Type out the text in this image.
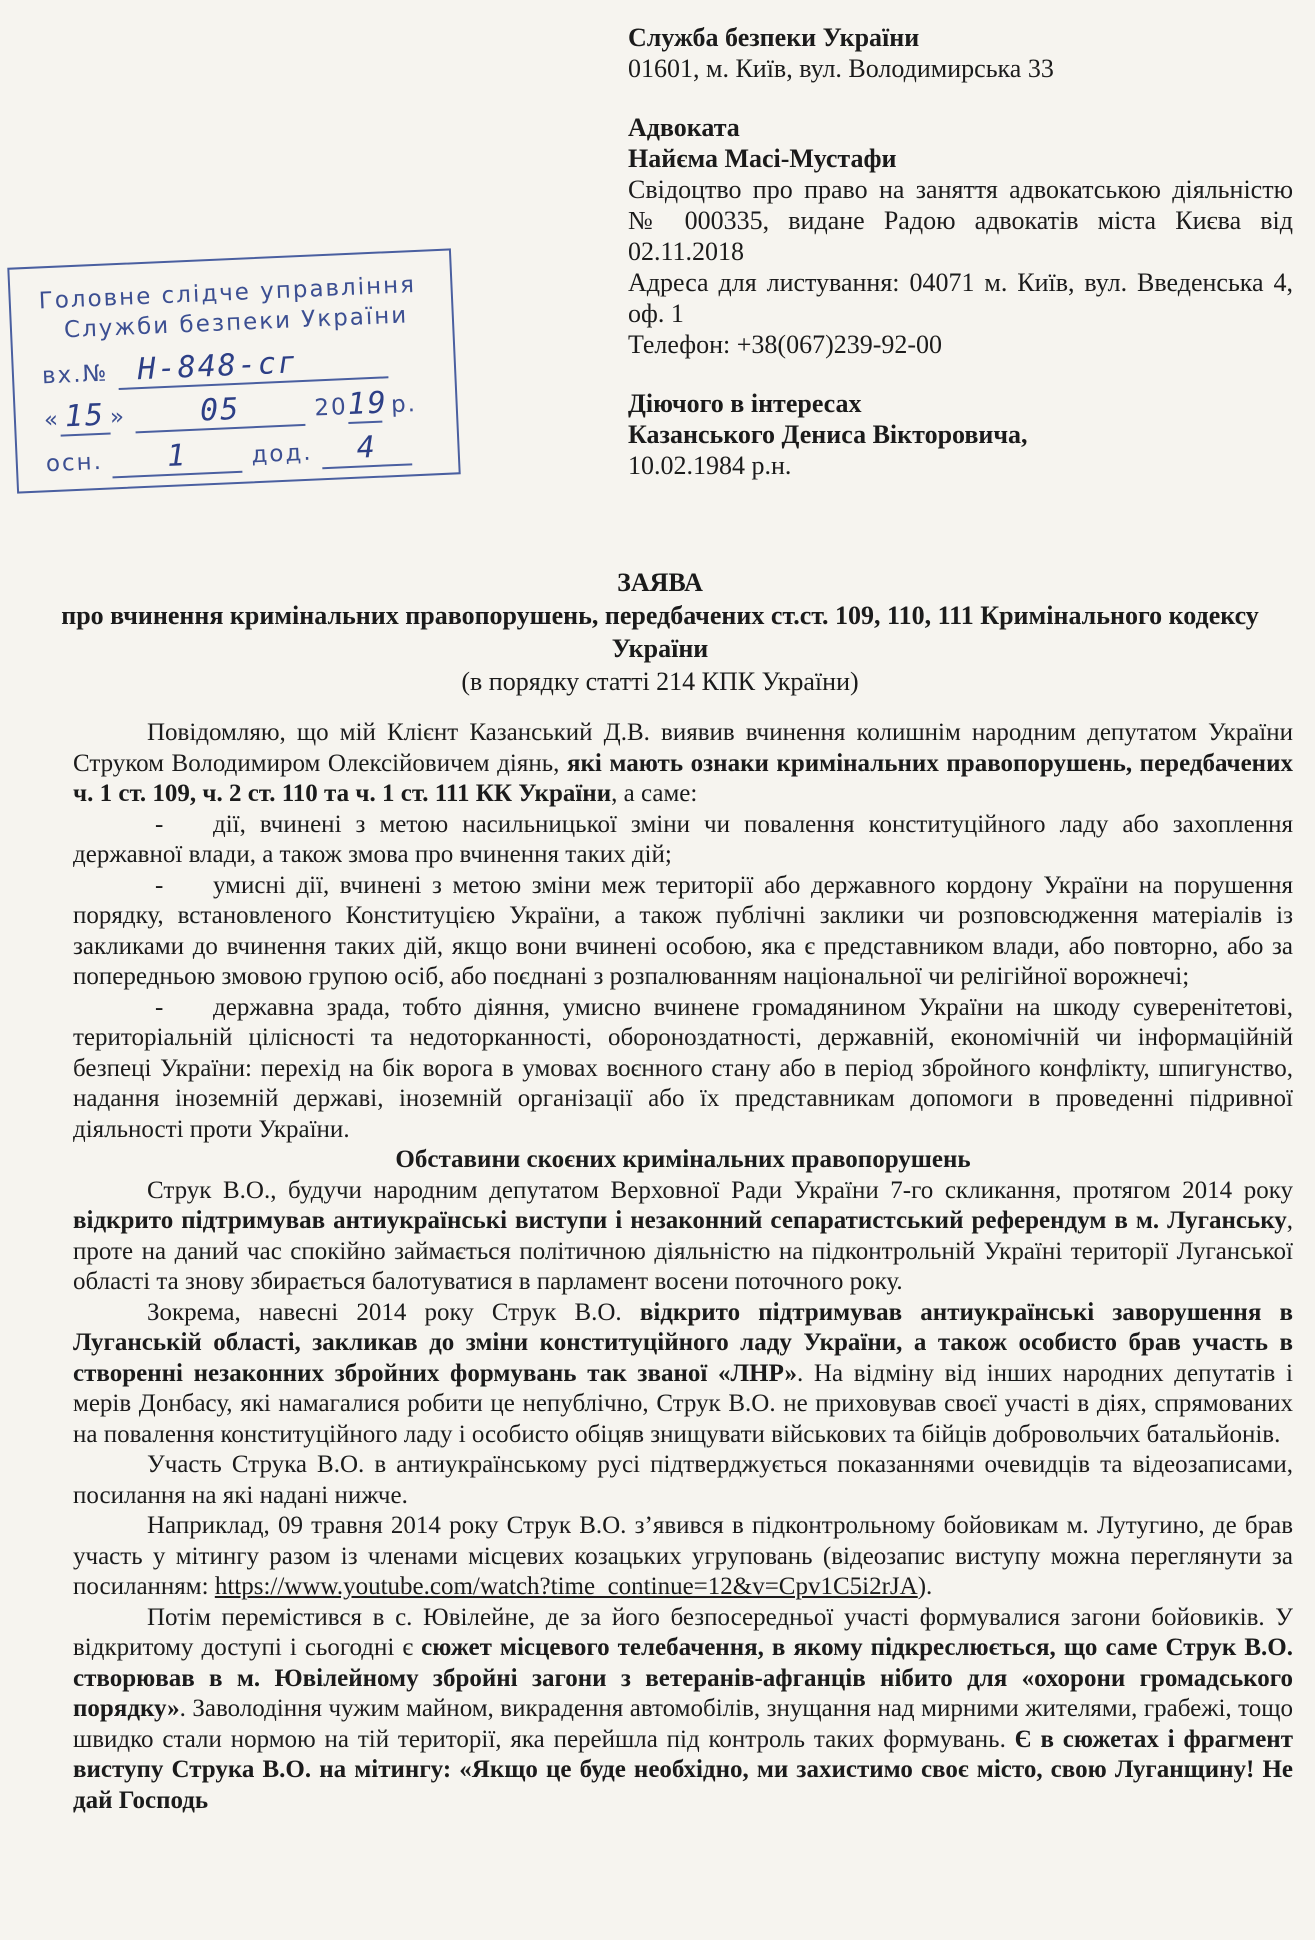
Служба безпеки України

01601, м. Київ, вул. Володимирська 33

Адвоката

Найєма Масі-Мустафи

Свідоцтво про право на заняття адвокатською діяльністю № 000335, видане Радою адвокатів міста Києва від 02.11.2018

Адреса для листування: 04071 м. Київ, вул. Введенська 4, оф. 1

Телефон: +38(067)239-92-00

Діючого в інтересах

Казанського Дениса Вікторовича,

10.02.1984 р.н.

Головне слідче управління
Служби безпеки України
вх.№ Н-848-сг
« 15 » 05	2019 р.
осн. 1	дод. 4
ЗАЯВА
про вчинення кримінальних правопорушень, передбачених ст.ст. 109, 110, 111 Кримінального кодексу України
(в порядку статті 214 КПК України)

Повідомляю, що мій Клієнт Казанський Д.В. виявив вчинення колишнім народним депутатом України Струком Володимиром Олексійовичем діянь, які мають ознаки кримінальних правопорушень, передбачених ч. 1 ст. 109, ч. 2 ст. 110 та ч. 1 ст. 111 КК України, а саме:

- дії, вчинені з метою насильницької зміни чи повалення конституційного ладу або захоплення державної влади, а також змова про вчинення таких дій;

- умисні дії, вчинені з метою зміни меж території або державного кордону України на порушення порядку, встановленого Конституцією України, а також публічні заклики чи розповсюдження матеріалів із закликами до вчинення таких дій, якщо вони вчинені особою, яка є представником влади, або повторно, або за попередньою змовою групою осіб, або поєднані з розпалюванням національної чи релігійної ворожнечі;

- державна зрада, тобто діяння, умисно вчинене громадянином України на шкоду суверенітетові, територіальній цілісності та недоторканності, обороноздатності, державній, економічній чи інформаційній безпеці України: перехід на бік ворога в умовах воєнного стану або в період збройного конфлікту, шпигунство, надання іноземній державі, іноземній організації або їх представникам допомоги в проведенні підривної діяльності проти України.

Обставини скоєних кримінальних правопорушень

Струк В.О., будучи народним депутатом Верховної Ради України 7-го скликання, протягом 2014 року відкрито підтримував антиукраїнські виступи і незаконний сепаратистський референдум в м. Луганську, проте на даний час спокійно займається політичною діяльністю на підконтрольній Україні території Луганської області та знову збирається балотуватися в парламент восени поточного року.

Зокрема, навесні 2014 року Струк В.О. відкрито підтримував антиукраїнські заворушення в Луганській області, закликав до зміни конституційного ладу України, а також особисто брав участь в створенні незаконних збройних формувань так званої «ЛНР». На відміну від інших народних депутатів і мерів Донбасу, які намагалися робити це непублічно, Струк В.О. не приховував своєї участі в діях, спрямованих на повалення конституційного ладу і особисто обіцяв знищувати військових та бійців добровольчих батальйонів.

Участь Струка В.О. в антиукраїнському русі підтверджується показаннями очевидців та відеозаписами, посилання на які надані нижче.

Наприклад, 09 травня 2014 року Струк В.О. з’явився в підконтрольному бойовикам м. Лутугино, де брав участь у мітингу разом із членами місцевих козацьких угруповань (відеозапис виступу можна переглянути за посиланням: https://www.youtube.com/watch?time_continue=12&v=Cpv1C5i2rJA).

Потім перемістився в с. Ювілейне, де за його безпосередньої участі формувалися загони бойовиків. У відкритому доступі і сьогодні є сюжет місцевого телебачення, в якому підкреслюється, що саме Струк В.О. створював в м. Ювілейному збройні загони з ветеранів-афганців нібито для «охорони громадського порядку». Заволодіння чужим майном, викрадення автомобілів, знущання над мирними жителями, грабежі, тощо швидко стали нормою на тій території, яка перейшла під контроль таких формувань. Є в сюжетах і фрагмент виступу Струка В.О. на мітингу: «Якщо це буде необхідно, ми захистимо своє місто, свою Луганщину! Не дай Господь
